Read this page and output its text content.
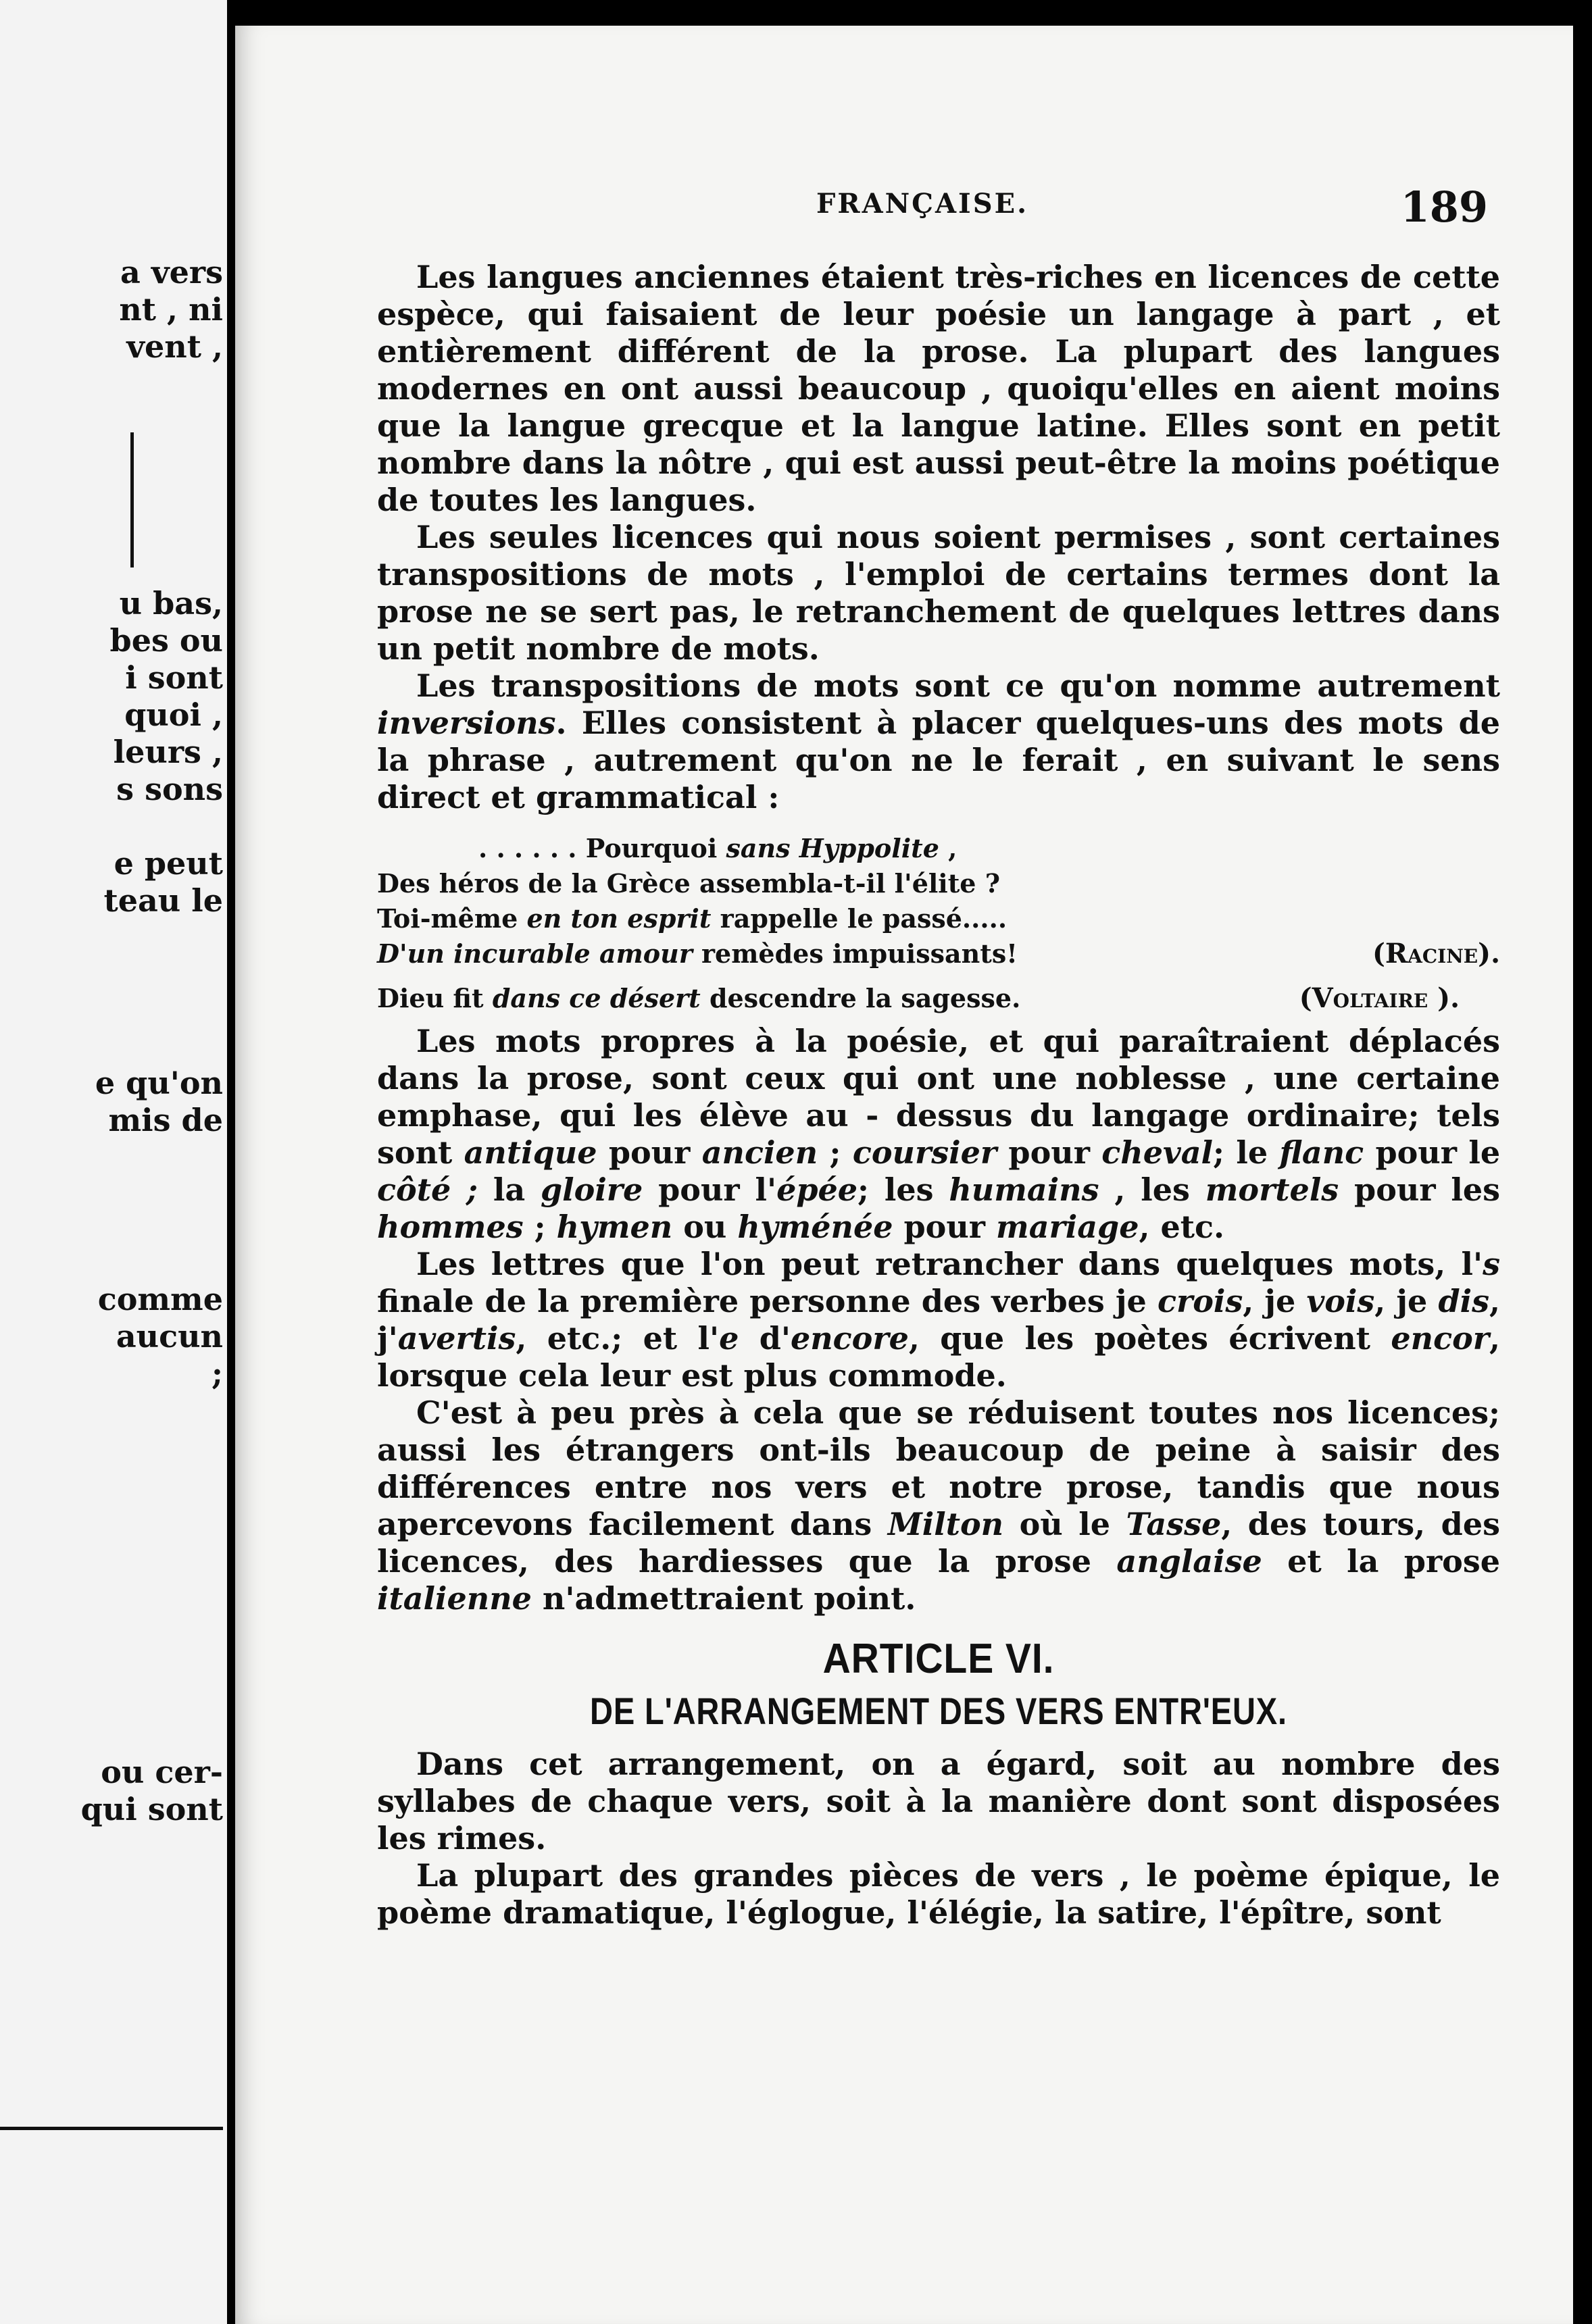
a vers
nt , ni
vent ,
u bas,
bes ou
i sont
quoi ,
leurs ,
s sons
e peut
teau le
e qu'on
mis de
comme
aucun
;
ou cer-
qui sont
FRANÇAISE.	189

Les langues anciennes étaient très-riches en licences de cette espèce, qui faisaient de leur poésie un langage à part , et entièrement différent de la prose. La plupart des langues modernes en ont aussi beaucoup , quoiqu'elles en aient moins que la langue grecque et la langue latine. Elles sont en petit nombre dans la nôtre , qui est aussi peut-être la moins poétique de toutes les langues.

Les seules licences qui nous soient permises , sont certaines transpositions de mots , l'emploi de certains termes dont la prose ne se sert pas, le retranchement de quelques lettres dans un petit nombre de mots.

Les transpositions de mots sont ce qu'on nomme autrement inversions. Elles consistent à placer quelques-uns des mots de la phrase , autrement qu'on ne le ferait , en suivant le sens direct et grammatical :

. . . . . . Pourquoi sans Hyppolite ,
Des héros de la Grèce assembla-t-il l'élite ?
Toi-même en ton esprit rappelle le passé.....
D'un incurable amour remèdes impuissants!	(Racine).
Dieu fit dans ce désert descendre la sagesse.	(Voltaire ).

Les mots propres à la poésie, et qui paraîtraient déplacés dans la prose, sont ceux qui ont une noblesse , une certaine emphase, qui les élève au - dessus du langage ordinaire; tels sont antique pour ancien ; coursier pour cheval; le flanc pour le côté ; la gloire pour l'épée; les humains , les mortels pour les hommes ; hymen ou hyménée pour mariage, etc.

Les lettres que l'on peut retrancher dans quelques mots, l's finale de la première personne des verbes je crois, je vois, je dis, j'avertis, etc.; et l'e d'encore, que les poètes écrivent encor, lorsque cela leur est plus commode.

C'est à peu près à cela que se réduisent toutes nos licences; aussi les étrangers ont-ils beaucoup de peine à saisir des différences entre nos vers et notre prose, tandis que nous apercevons facilement dans Milton où le Tasse, des tours, des licences, des hardiesses que la prose anglaise et la prose italienne n'admettraient point.

ARTICLE VI.
DE L'ARRANGEMENT DES VERS ENTR'EUX.

Dans cet arrangement, on a égard, soit au nombre des syllabes de chaque vers, soit à la manière dont sont disposées les rimes.

La plupart des grandes pièces de vers , le poème épique, le poème dramatique, l'églogue, l'élégie, la satire, l'épître, sont
